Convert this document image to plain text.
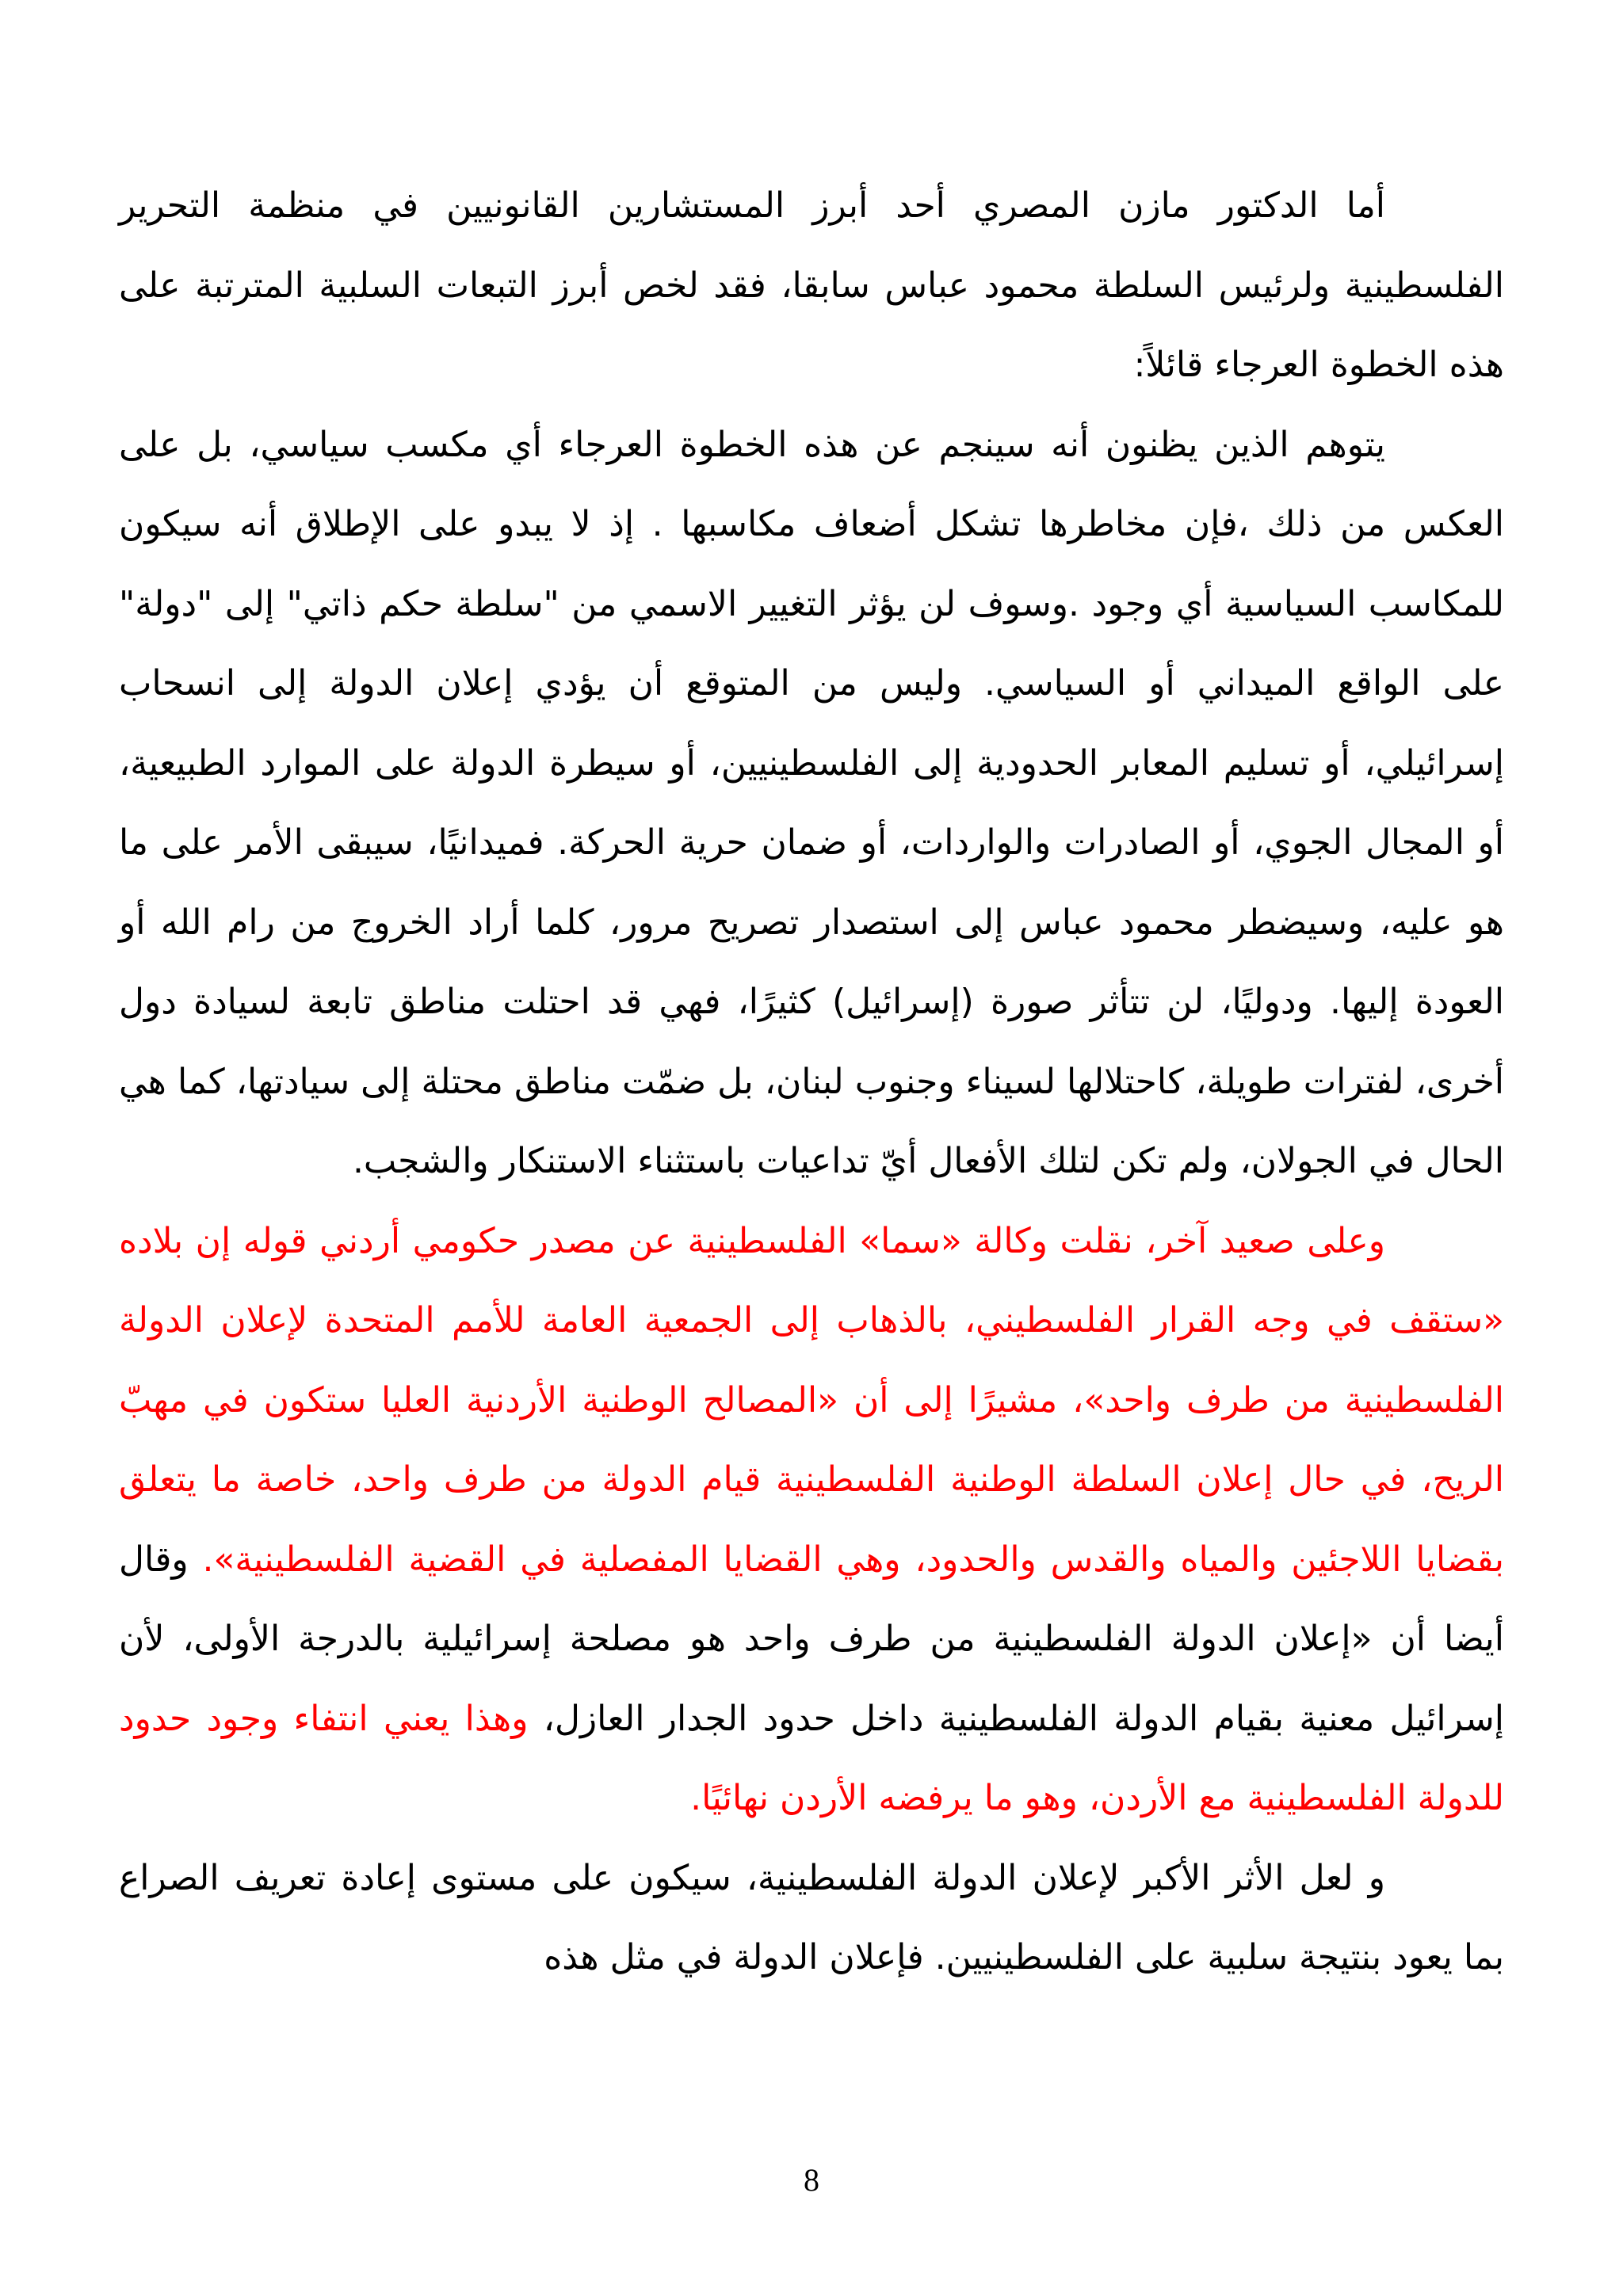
أما الدكتور مازن المصري أحد أبرز المستشارين القانونيين في منظمة التحرير الفلسطينية ولرئيس السلطة محمود عباس سابقا، فقد لخص أبرز التبعات السلبية المترتبة على هذه الخطوة العرجاء قائلاً:

يتوهم الذين يظنون أنه سينجم عن هذه الخطوة العرجاء أي مكسب سياسي، بل على العكس من ذلك ،فإن مخاطرها تشكل أضعاف مكاسبها . إذ لا يبدو على الإطلاق أنه سيكون للمكاسب السياسية أي وجود .وسوف لن يؤثر التغيير الاسمي من "سلطة حكم ذاتي" إلى "دولة" على الواقع الميداني أو السياسي. وليس من المتوقع أن يؤدي إعلان الدولة إلى انسحاب إسرائيلي، أو تسليم المعابر الحدودية إلى الفلسطينيين، أو سيطرة الدولة على الموارد الطبيعية، أو المجال الجوي، أو الصادرات والواردات، أو ضمان حرية الحركة. فميدانيًا، سيبقى الأمر على ما هو عليه، وسيضطر محمود عباس إلى استصدار تصريح مرور، كلما أراد الخروج من رام الله أو العودة إليها. ودوليًا، لن تتأثر صورة (إسرائيل) كثيرًا، فهي قد احتلت مناطق تابعة لسيادة دول أخرى، لفترات طويلة، كاحتلالها لسيناء وجنوب لبنان، بل ضمّت مناطق محتلة إلى سيادتها، كما هي الحال في الجولان، ولم تكن لتلك الأفعال أيّ تداعيات باستثناء الاستنكار والشجب.

وعلى صعيد آخر، نقلت وكالة «سما» الفلسطينية عن مصدر حكومي أردني قوله إن بلاده «ستقف في وجه القرار الفلسطيني، بالذهاب إلى الجمعية العامة للأمم المتحدة لإعلان الدولة الفلسطينية من طرف واحد»، مشيرًا إلى أن «المصالح الوطنية الأردنية العليا ستكون في مهبّ الريح، في حال إعلان السلطة الوطنية الفلسطينية قيام الدولة من طرف واحد، خاصة ما يتعلق بقضايا اللاجئين والمياه والقدس والحدود، وهي القضايا المفصلية في القضية الفلسطينية». وقال أيضا أن «إعلان الدولة الفلسطينية من طرف واحد هو مصلحة إسرائيلية بالدرجة الأولى، لأن إسرائيل معنية بقيام الدولة الفلسطينية داخل حدود الجدار العازل، وهذا يعني انتفاء وجود حدود للدولة الفلسطينية مع الأردن، وهو ما يرفضه الأردن نهائيًا.

و لعل الأثر الأكبر لإعلان الدولة الفلسطينية، سيكون على مستوى إعادة تعريف الصراع بما يعود بنتيجة سلبية على الفلسطينيين. فإعلان الدولة في مثل هذه

8
